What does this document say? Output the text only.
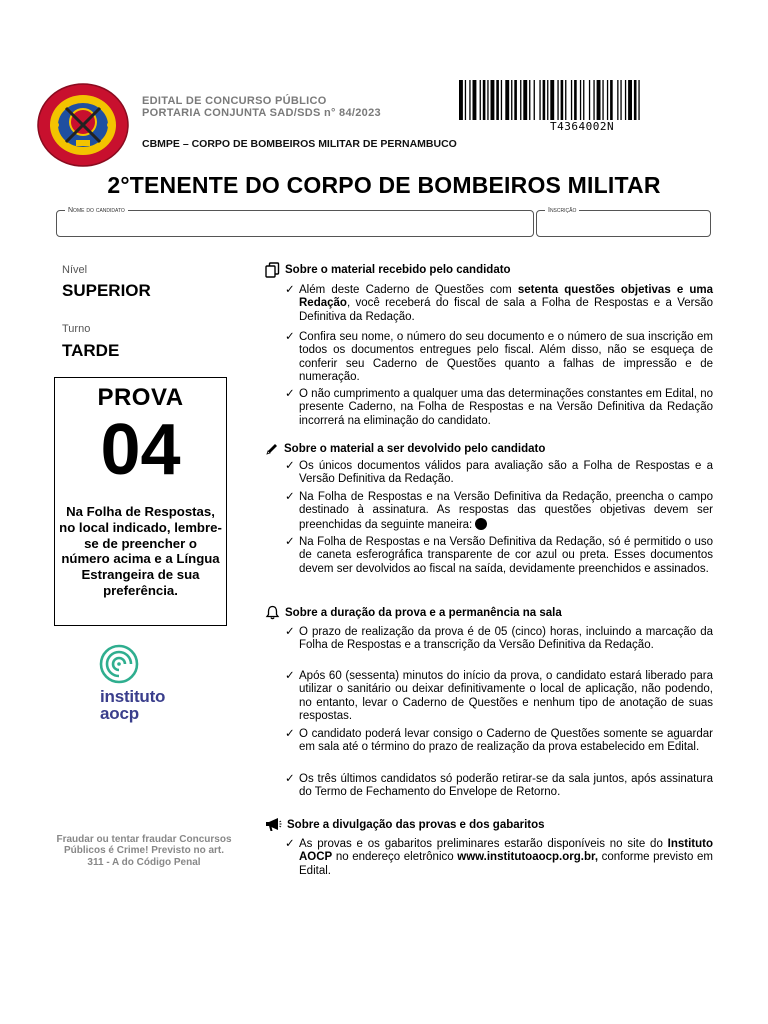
EDITAL DE CONCURSO PÚBLICO
PORTARIA CONJUNTA SAD/SDS n° 84/2023
CBMPE – CORPO DE BOMBEIROS MILITAR DE PERNAMBUCO
T4364002N
2°TENENTE DO CORPO DE BOMBEIROS MILITAR
Nome do candidato	Inscrição
Nível
SUPERIOR
Turno
TARDE
PROVA
04
Na Folha de Respostas, no local indicado, lembre-se de preencher o número acima e a Língua Estrangeira de sua preferência.
instituto
aocp
Fraudar ou tentar fraudar Concursos Públicos é Crime! Previsto no art. 311 - A do Código Penal
Sobre o material recebido pelo candidato
✓ Além deste Caderno de Questões com setenta questões objetivas e uma Redação, você receberá do fiscal de sala a Folha de Respostas e a Versão Definitiva da Redação.
✓ Confira seu nome, o número do seu documento e o número de sua inscrição em todos os documentos entregues pelo fiscal. Além disso, não se esqueça de conferir seu Caderno de Questões quanto a falhas de impressão e de numeração.
✓ O não cumprimento a qualquer uma das determinações constantes em Edital, no presente Caderno, na Folha de Respostas e na Versão Definitiva da Redação incorrerá na eliminação do candidato.
Sobre o material a ser devolvido pelo candidato
✓ Os únicos documentos válidos para avaliação são a Folha de Respostas e a Versão Definitiva da Redação.
✓ Na Folha de Respostas e na Versão Definitiva da Redação, preencha o campo destinado à assinatura. As respostas das questões objetivas devem ser preenchidas da seguinte maneira:
✓ Na Folha de Respostas e na Versão Definitiva da Redação, só é permitido o uso de caneta esferográfica transparente de cor azul ou preta. Esses documentos devem ser devolvidos ao fiscal na saída, devidamente preenchidos e assinados.
Sobre a duração da prova e a permanência na sala
✓ O prazo de realização da prova é de 05 (cinco) horas, incluindo a marcação da Folha de Respostas e a transcrição da Versão Definitiva da Redação.
✓ Após 60 (sessenta) minutos do início da prova, o candidato estará liberado para utilizar o sanitário ou deixar definitivamente o local de aplicação, não podendo, no entanto, levar o Caderno de Questões e nenhum tipo de anotação de suas respostas.
✓ O candidato poderá levar consigo o Caderno de Questões somente se aguardar em sala até o término do prazo de realização da prova estabelecido em Edital.
✓ Os três últimos candidatos só poderão retirar-se da sala juntos, após assinatura do Termo de Fechamento do Envelope de Retorno.
Sobre a divulgação das provas e dos gabaritos
✓ As provas e os gabaritos preliminares estarão disponíveis no site do Instituto AOCP no endereço eletrônico www.institutoaocp.org.br, conforme previsto em Edital.
